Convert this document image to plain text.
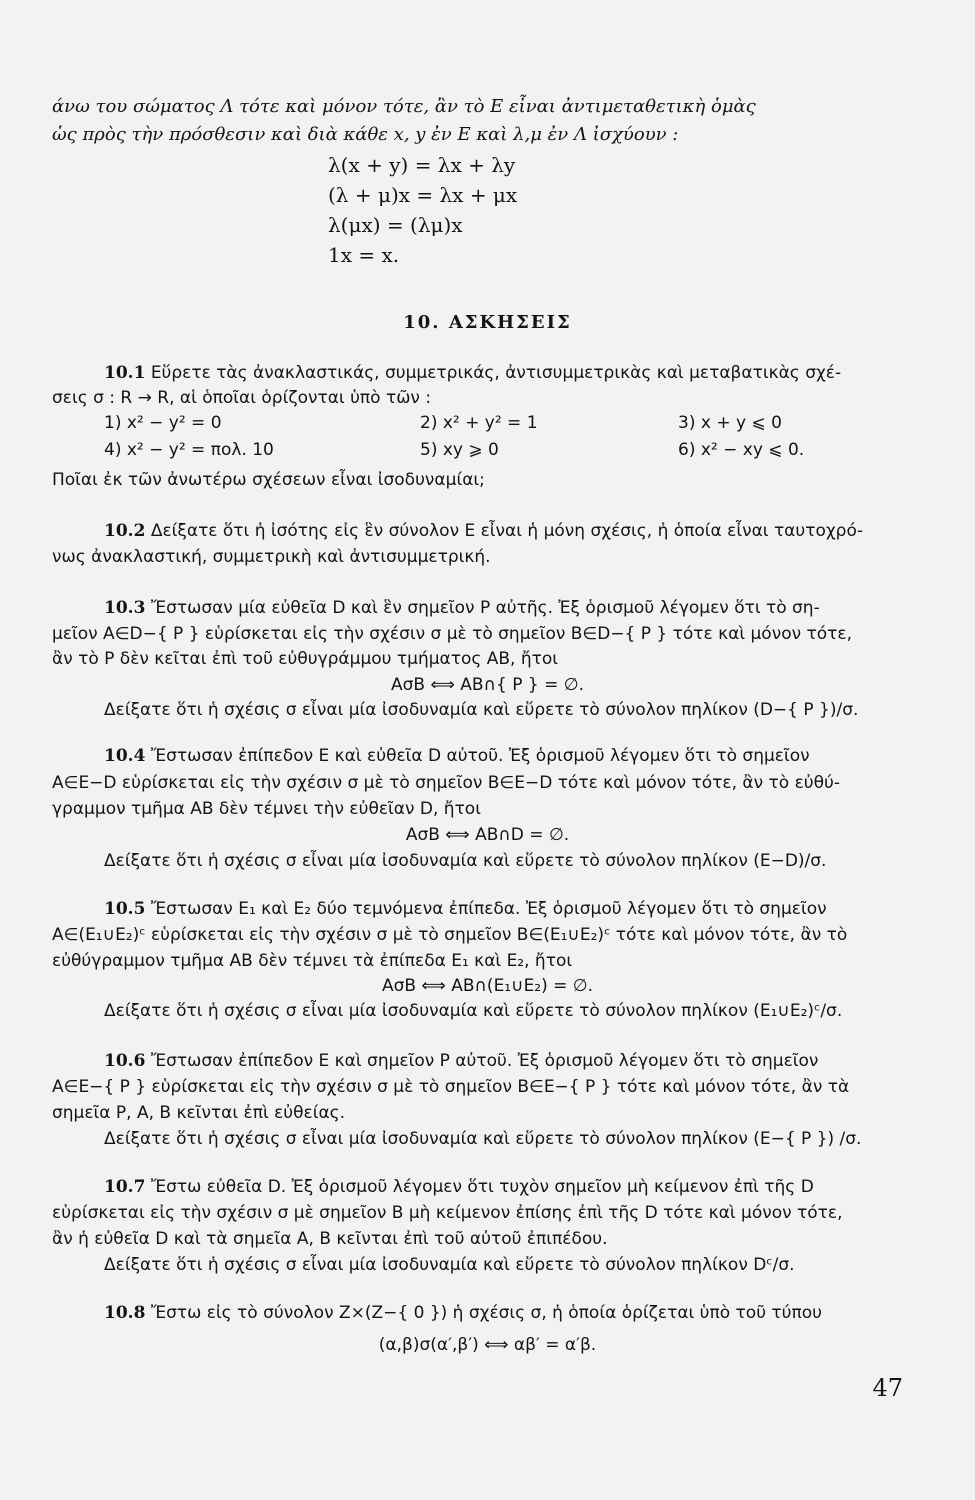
άνω του σώματος Λ τότε καὶ μόνον τότε, ἂν τὸ E εἶναι ἀντιμεταθετικὴ ὁμὰς
ὡς πρὸς τὴν πρόσθεσιν καὶ διὰ κάθε x, y ἐν E καὶ λ,μ ἐν Λ ἰσχύουν :
λ(x + y) = λx + λy
(λ + μ)x = λx + μx
λ(μx) = (λμ)x
1x = x.
10. ΑΣΚΗΣΕΙΣ
10.1 Εὕρετε τὰς ἀνακλαστικάς, συμμετρικάς, ἀντισυμμετρικὰς καὶ μεταβατικὰς σχέ-
σεις σ : R → R, αἱ ὁποῖαι ὁρίζονται ὑπὸ τῶν :
1) x² − y² = 0	2) x² + y² = 1	3) x + y ⩽ 0
4) x² − y² = πολ. 10	5) xy ⩾ 0	6) x² − xy ⩽ 0.
Ποῖαι ἐκ τῶν ἀνωτέρω σχέσεων εἶναι ἰσοδυναμίαι;
10.2 Δείξατε ὅτι ἡ ἰσότης εἰς ἓν σύνολον E εἶναι ἡ μόνη σχέσις, ἡ ὁποία εἶναι ταυτοχρό-
νως ἀνακλαστική, συμμετρικὴ καὶ ἀντισυμμετρική.
10.3 Ἔστωσαν μία εὐθεῖα D καὶ ἓν σημεῖον P αὐτῆς. Ἐξ ὁρισμοῦ λέγομεν ὅτι τὸ ση-
μεῖον A∈D−{ P } εὑρίσκεται εἰς τὴν σχέσιν σ μὲ τὸ σημεῖον B∈D−{ P } τότε καὶ μόνον τότε,
ἂν τὸ P δὲν κεῖται ἐπὶ τοῦ εὐθυγράμμου τμήματος AB, ἤτοι
AσB ⟺ AB∩{ P } = ∅.
Δείξατε ὅτι ἡ σχέσις σ εἶναι μία ἰσοδυναμία καὶ εὕρετε τὸ σύνολον πηλίκον (D−{ P })/σ.
10.4 Ἔστωσαν ἐπίπεδον E καὶ εὐθεῖα D αὐτοῦ. Ἐξ ὁρισμοῦ λέγομεν ὅτι τὸ σημεῖον
A∈E−D εὑρίσκεται εἰς τὴν σχέσιν σ μὲ τὸ σημεῖον B∈E−D τότε καὶ μόνον τότε, ἂν τὸ εὐθύ-
γραμμον τμῆμα AB δὲν τέμνει τὴν εὐθεῖαν D, ἤτοι
AσB ⟺ AB∩D = ∅.
Δείξατε ὅτι ἡ σχέσις σ εἶναι μία ἰσοδυναμία καὶ εὕρετε τὸ σύνολον πηλίκον (E−D)/σ.
10.5 Ἔστωσαν E₁ καὶ E₂ δύο τεμνόμενα ἐπίπεδα. Ἐξ ὁρισμοῦ λέγομεν ὅτι τὸ σημεῖον
A∈(E₁∪E₂)ᶜ εὑρίσκεται εἰς τὴν σχέσιν σ μὲ τὸ σημεῖον B∈(E₁∪E₂)ᶜ τότε καὶ μόνον τότε, ἂν τὸ
εὐθύγραμμον τμῆμα AB δὲν τέμνει τὰ ἐπίπεδα E₁ καὶ E₂, ἤτοι
AσB ⟺ AB∩(E₁∪E₂) = ∅.
Δείξατε ὅτι ἡ σχέσις σ εἶναι μία ἰσοδυναμία καὶ εὕρετε τὸ σύνολον πηλίκον (E₁∪E₂)ᶜ/σ.
10.6 Ἔστωσαν ἐπίπεδον E καὶ σημεῖον P αὐτοῦ. Ἐξ ὁρισμοῦ λέγομεν ὅτι τὸ σημεῖον
A∈E−{ P } εὑρίσκεται εἰς τὴν σχέσιν σ μὲ τὸ σημεῖον B∈E−{ P } τότε καὶ μόνον τότε, ἂν τὰ
σημεῖα P, A, B κεῖνται ἐπὶ εὐθείας.
Δείξατε ὅτι ἡ σχέσις σ εἶναι μία ἰσοδυναμία καὶ εὕρετε τὸ σύνολον πηλίκον (E−{ P }) /σ.
10.7 Ἔστω εὐθεῖα D. Ἐξ ὁρισμοῦ λέγομεν ὅτι τυχὸν σημεῖον μὴ κείμενον ἐπὶ τῆς D
εὑρίσκεται εἰς τὴν σχέσιν σ μὲ σημεῖον B μὴ κείμενον ἐπίσης ἐπὶ τῆς D τότε καὶ μόνον τότε,
ἂν ἡ εὐθεῖα D καὶ τὰ σημεῖα A, B κεῖνται ἐπὶ τοῦ αὐτοῦ ἐπιπέδου.
Δείξατε ὅτι ἡ σχέσις σ εἶναι μία ἰσοδυναμία καὶ εὕρετε τὸ σύνολον πηλίκον Dᶜ/σ.
10.8 Ἔστω εἰς τὸ σύνολον Z×(Z−{ 0 }) ἡ σχέσις σ, ἡ ὁποία ὁρίζεται ὑπὸ τοῦ τύπου
(α,β)σ(α′,β′) ⟺ αβ′ = α′β.
47
